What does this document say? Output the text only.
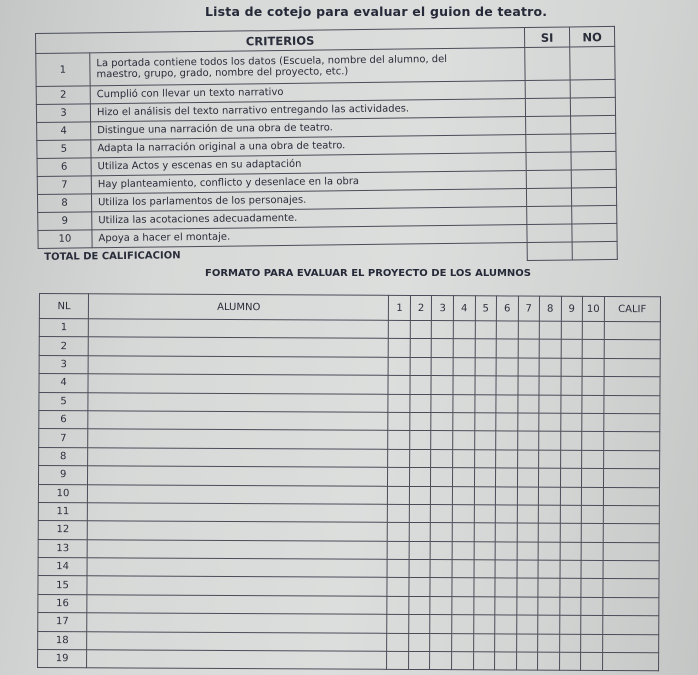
Lista de cotejo para evaluar el guion de teatro.
CRITERIOS		SI	NO
1	La portada contiene todos los datos (Escuela, nombre del alumno, del
maestro, grupo, grado, nombre del proyecto, etc.)		

2	Cumplió con llevar un texto narrativo		
3	Hizo el análisis del texto narrativo entregando las actividades.		
4	Distingue una narración de una obra de teatro.		
5	Adapta la narración original a una obra de teatro.		
6	Utiliza Actos y escenas en su adaptación		
7	Hay planteamiento, conflicto y desenlace en la obra		
8	Utiliza los parlamentos de los personajes.		
9	Utiliza las acotaciones adecuadamente.		
10	Apoya a hacer el montaje.		
TOTAL DE CALIFICACION			
FORMATO PARA EVALUAR EL PROYECTO DE LOS ALUMNOS
NL	ALUMNO	1	2	3	4	5	6	7	8	9	10	CALIF
1												
2												
3												
4												
5												
6												
7												
8												
9												
10												
11												
12												
13												
14												
15												
16												
17												
18												
19												
